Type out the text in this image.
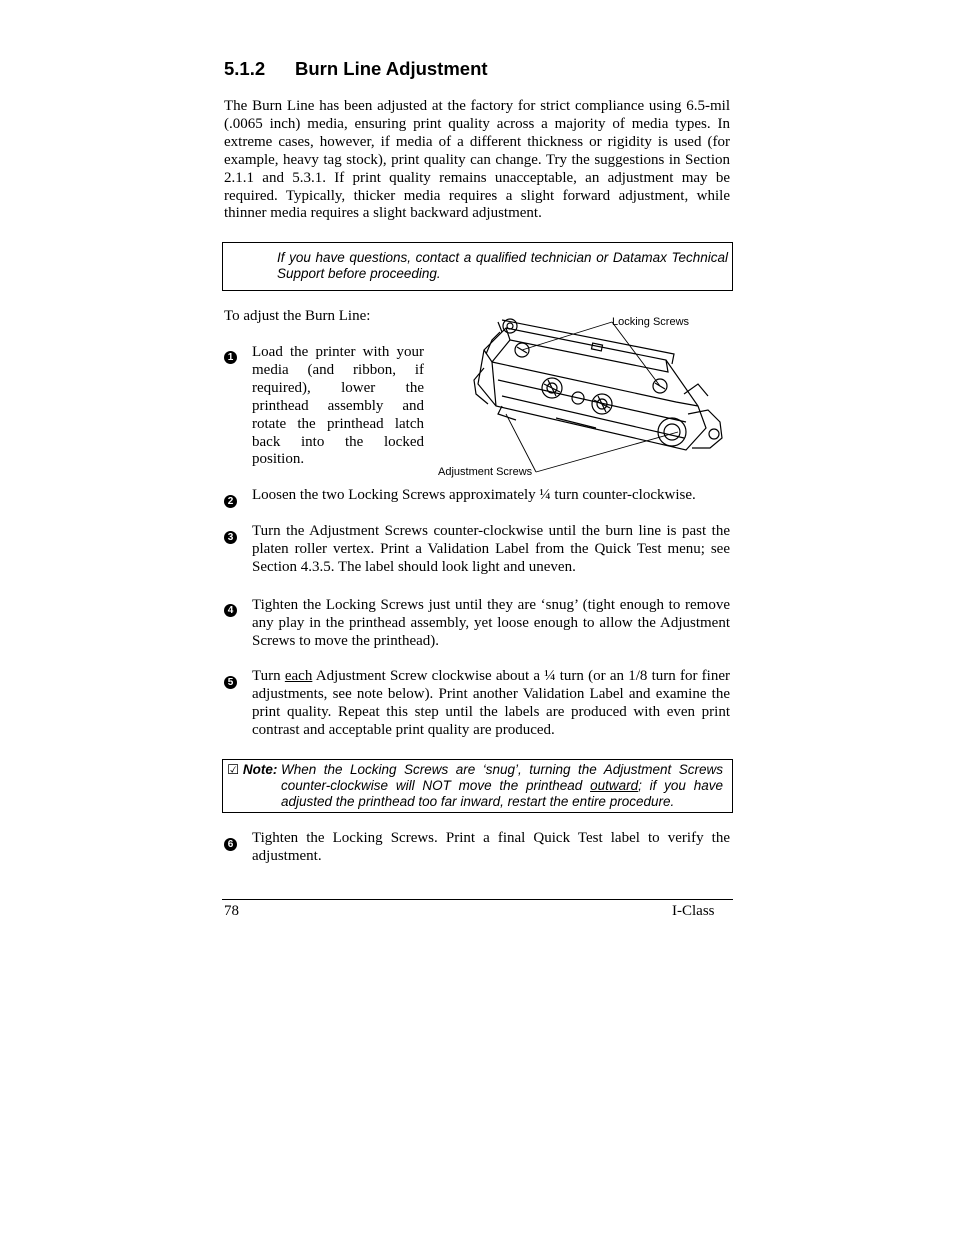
5.1.2 Burn Line Adjustment
The Burn Line has been adjusted at the factory for strict compliance using 6.5-mil (.0065 inch) media, ensuring print quality across a majority of media types. In extreme cases, however, if media of a different thickness or rigidity is used (for example, heavy tag stock), print quality can change. Try the suggestions in Section 2.1.1 and 5.3.1. If print quality remains unacceptable, an adjustment may be required. Typically, thicker media requires a slight forward adjustment, while thinner media requires a slight backward adjustment.
If you have questions, contact a qualified technician or Datamax Technical Support before proceeding.
To adjust the Burn Line:
1	Load the printer with your media (and ribbon, if required), lower the printhead assembly and rotate the printhead latch back into the locked position.
Locking Screws
Adjustment Screws
2	Loosen the two Locking Screws approximately ¼ turn counter-clockwise.
3	Turn the Adjustment Screws counter-clockwise until the burn line is past the platen roller vertex. Print a Validation Label from the Quick Test menu; see Section 4.3.5. The label should look light and uneven.
4	Tighten the Locking Screws just until they are ‘snug’ (tight enough to remove any play in the printhead assembly, yet loose enough to allow the Adjustment Screws to move the printhead).
5	Turn each Adjustment Screw clockwise about a ¼ turn (or an 1/8 turn for finer adjustments, see note below). Print another Validation Label and examine the print quality. Repeat this step until the labels are produced with even print contrast and acceptable print quality are produced.
☑ Note: When the Locking Screws are ‘snug’, turning the Adjustment Screws counter-clockwise will NOT move the printhead outward; if you have adjusted the printhead too far inward, restart the entire procedure.
6	Tighten the Locking Screws. Print a final Quick Test label to verify the adjustment.
78	I-Class
